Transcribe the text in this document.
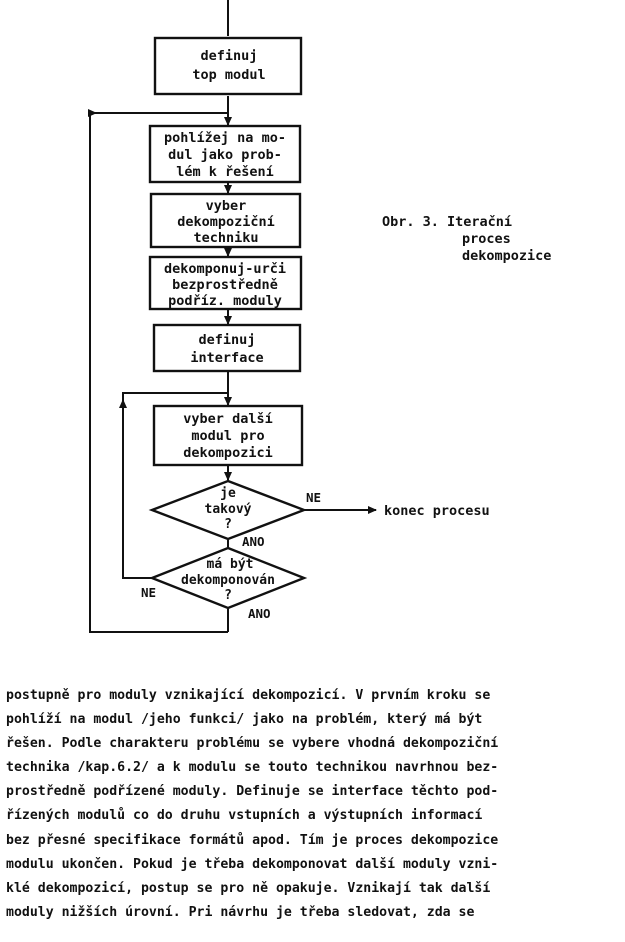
definuj
top modul
pohlížej na mo-
dul jako prob-
lém k řešení
vyber
dekompoziční
techniku
dekomponuj-urči
bezprostředně
podříz. moduly
definuj
interface
vyber další
modul pro
dekompozici
je
takový
?
NE
ANO
konec procesu
má být
dekomponován
?
NE
ANO
Obr. 3. Iterační
proces
dekompozice
postupně pro moduly vznikající dekompozicí. V prvním kroku se
pohlíží na modul /jeho funkci/ jako na problém, který má být
řešen. Podle charakteru problému se vybere vhodná dekompoziční
technika /kap.6.2/ a k modulu se touto technikou navrhnou bez-
prostředně podřízené moduly. Definuje se interface těchto pod-
řízených modulů co do druhu vstupních a výstupních informací
bez přesné specifikace formátů apod. Tím je proces dekompozice
modulu ukončen. Pokud je třeba dekomponovat další moduly vzni-
klé dekompozicí, postup se pro ně opakuje. Vznikají tak další
moduly nižších úrovní. Pri návrhu je třeba sledovat, zda se
